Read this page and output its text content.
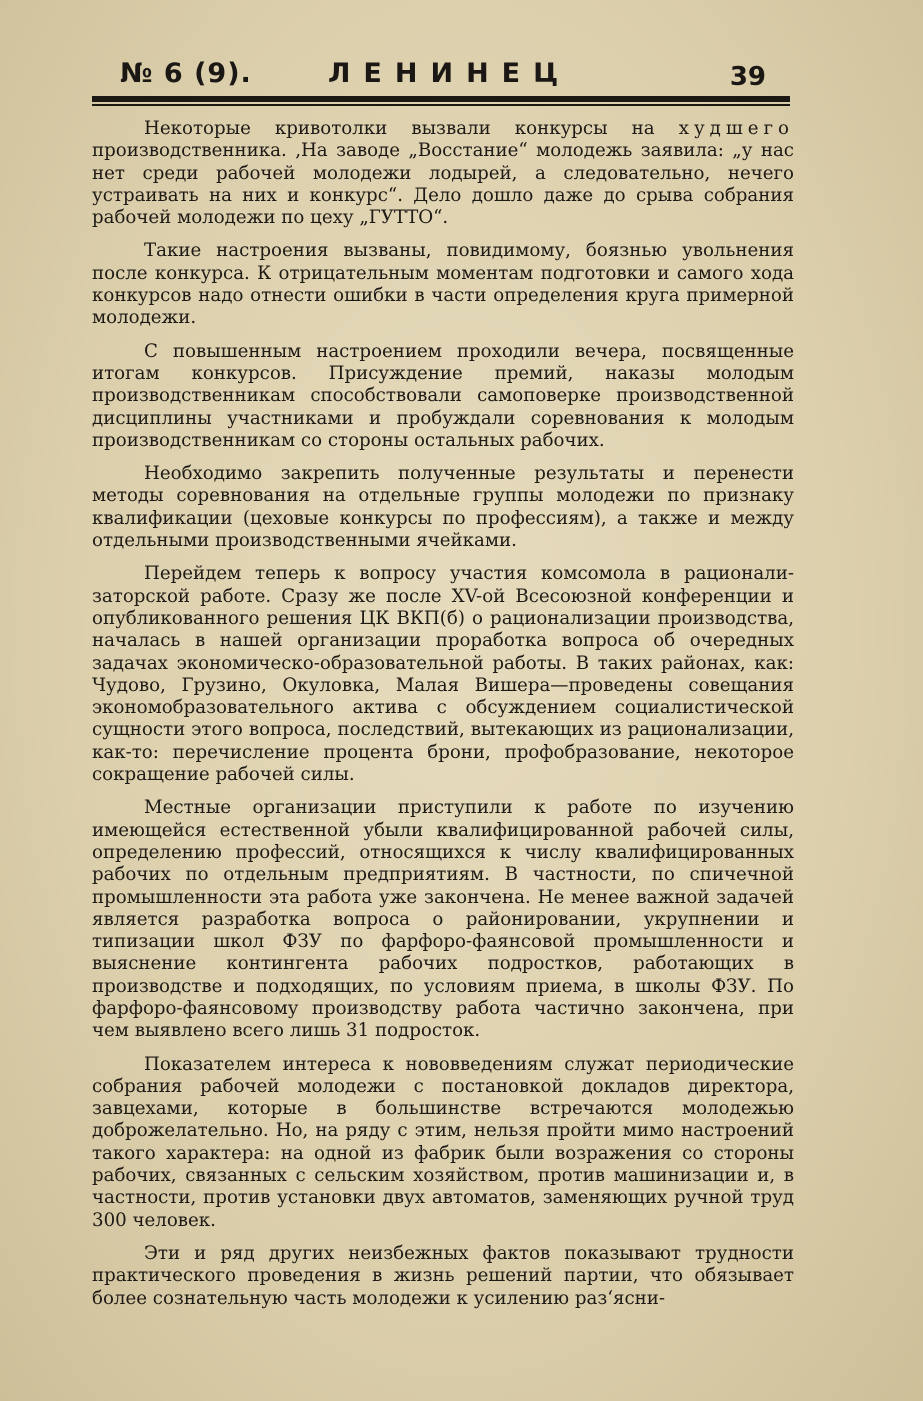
№ 6 (9).	ЛЕНИНЕЦ	39

Некоторые кривотолки вызвали конкурсы на худшего производственника. ‚На заводе „Восстание“ молодежь заявила: „у нас нет среди рабочей молодежи лодырей, а следовательно, нечего устраивать на них и конкурс“. Дело дошло даже до срыва собрания рабочей молодежи по цеху „ГУТТО“.

Такие настроения вызваны, повидимому, боязнью увольнения после конкурса. К отрицательным моментам подготовки и самого хода конкурсов надо отнести ошибки в части определения круга примерной молодежи.

С повышенным настроением проходили вечера, посвященные итогам конкурсов. Присуждение премий, наказы молодым производственникам способствовали самоповерке производственной дисциплины участниками и пробуждали соревнования к молодым производственникам со стороны остальных рабочих.

Необходимо закрепить полученные результаты и перенести методы соревнования на отдельные группы молодежи по признаку квалификации (цеховые конкурсы по профессиям), а также и между отдельными производственными ячейками.

Перейдем теперь к вопросу участия комсомола в рационализаторской работе. Сразу же после XV-ой Всесоюзной конференции и опубликованного решения ЦК ВКП(б) о рационализации производства, началась в нашей организации проработка вопроса об очередных задачах экономическо-образовательной работы. В таких районах, как: Чудово, Грузино, Окуловка, Малая Вишера—проведены совещания экономобразовательного актива с обсуждением социалистической сущности этого вопроса, последствий, вытекающих из рационализации, как-то: перечисление процента брони, профобразование, некоторое сокращение рабочей силы.

Местные организации приступили к работе по изучению имеющейся естественной убыли квалифицированной рабочей силы, определению профессий, относящихся к числу квалифицированных рабочих по отдельным предприятиям. В частности, по спичечной промышленности эта работа уже закончена. Не менее важной задачей является разработка вопроса о районировании, укрупнении и типизации школ ФЗУ по фарфоро-фаянсовой промышленности и выяснение контингента рабочих подростков, работающих в производстве и подходящих, по условиям приема, в школы ФЗУ. По фарфоро-фаянсовому производству работа частично закончена, при чем выявлено всего лишь 31 подросток.

Показателем интереса к нововведениям служат периодические собрания рабочей молодежи с постановкой докладов директора, завцехами, которые в большинстве встречаются молодежью доброжелательно. Но, на ряду с этим, нельзя пройти мимо настроений такого характера: на одной из фабрик были возражения со стороны рабочих, связанных с сельским хозяйством, против машинизации и, в частности, против установки двух автоматов, заменяющих ручной труд 300 человек.

Эти и ряд других неизбежных фактов показывают трудности практического проведения в жизнь решений партии, что обязывает более сознательную часть молодежи к усилению раз‘ясни-
